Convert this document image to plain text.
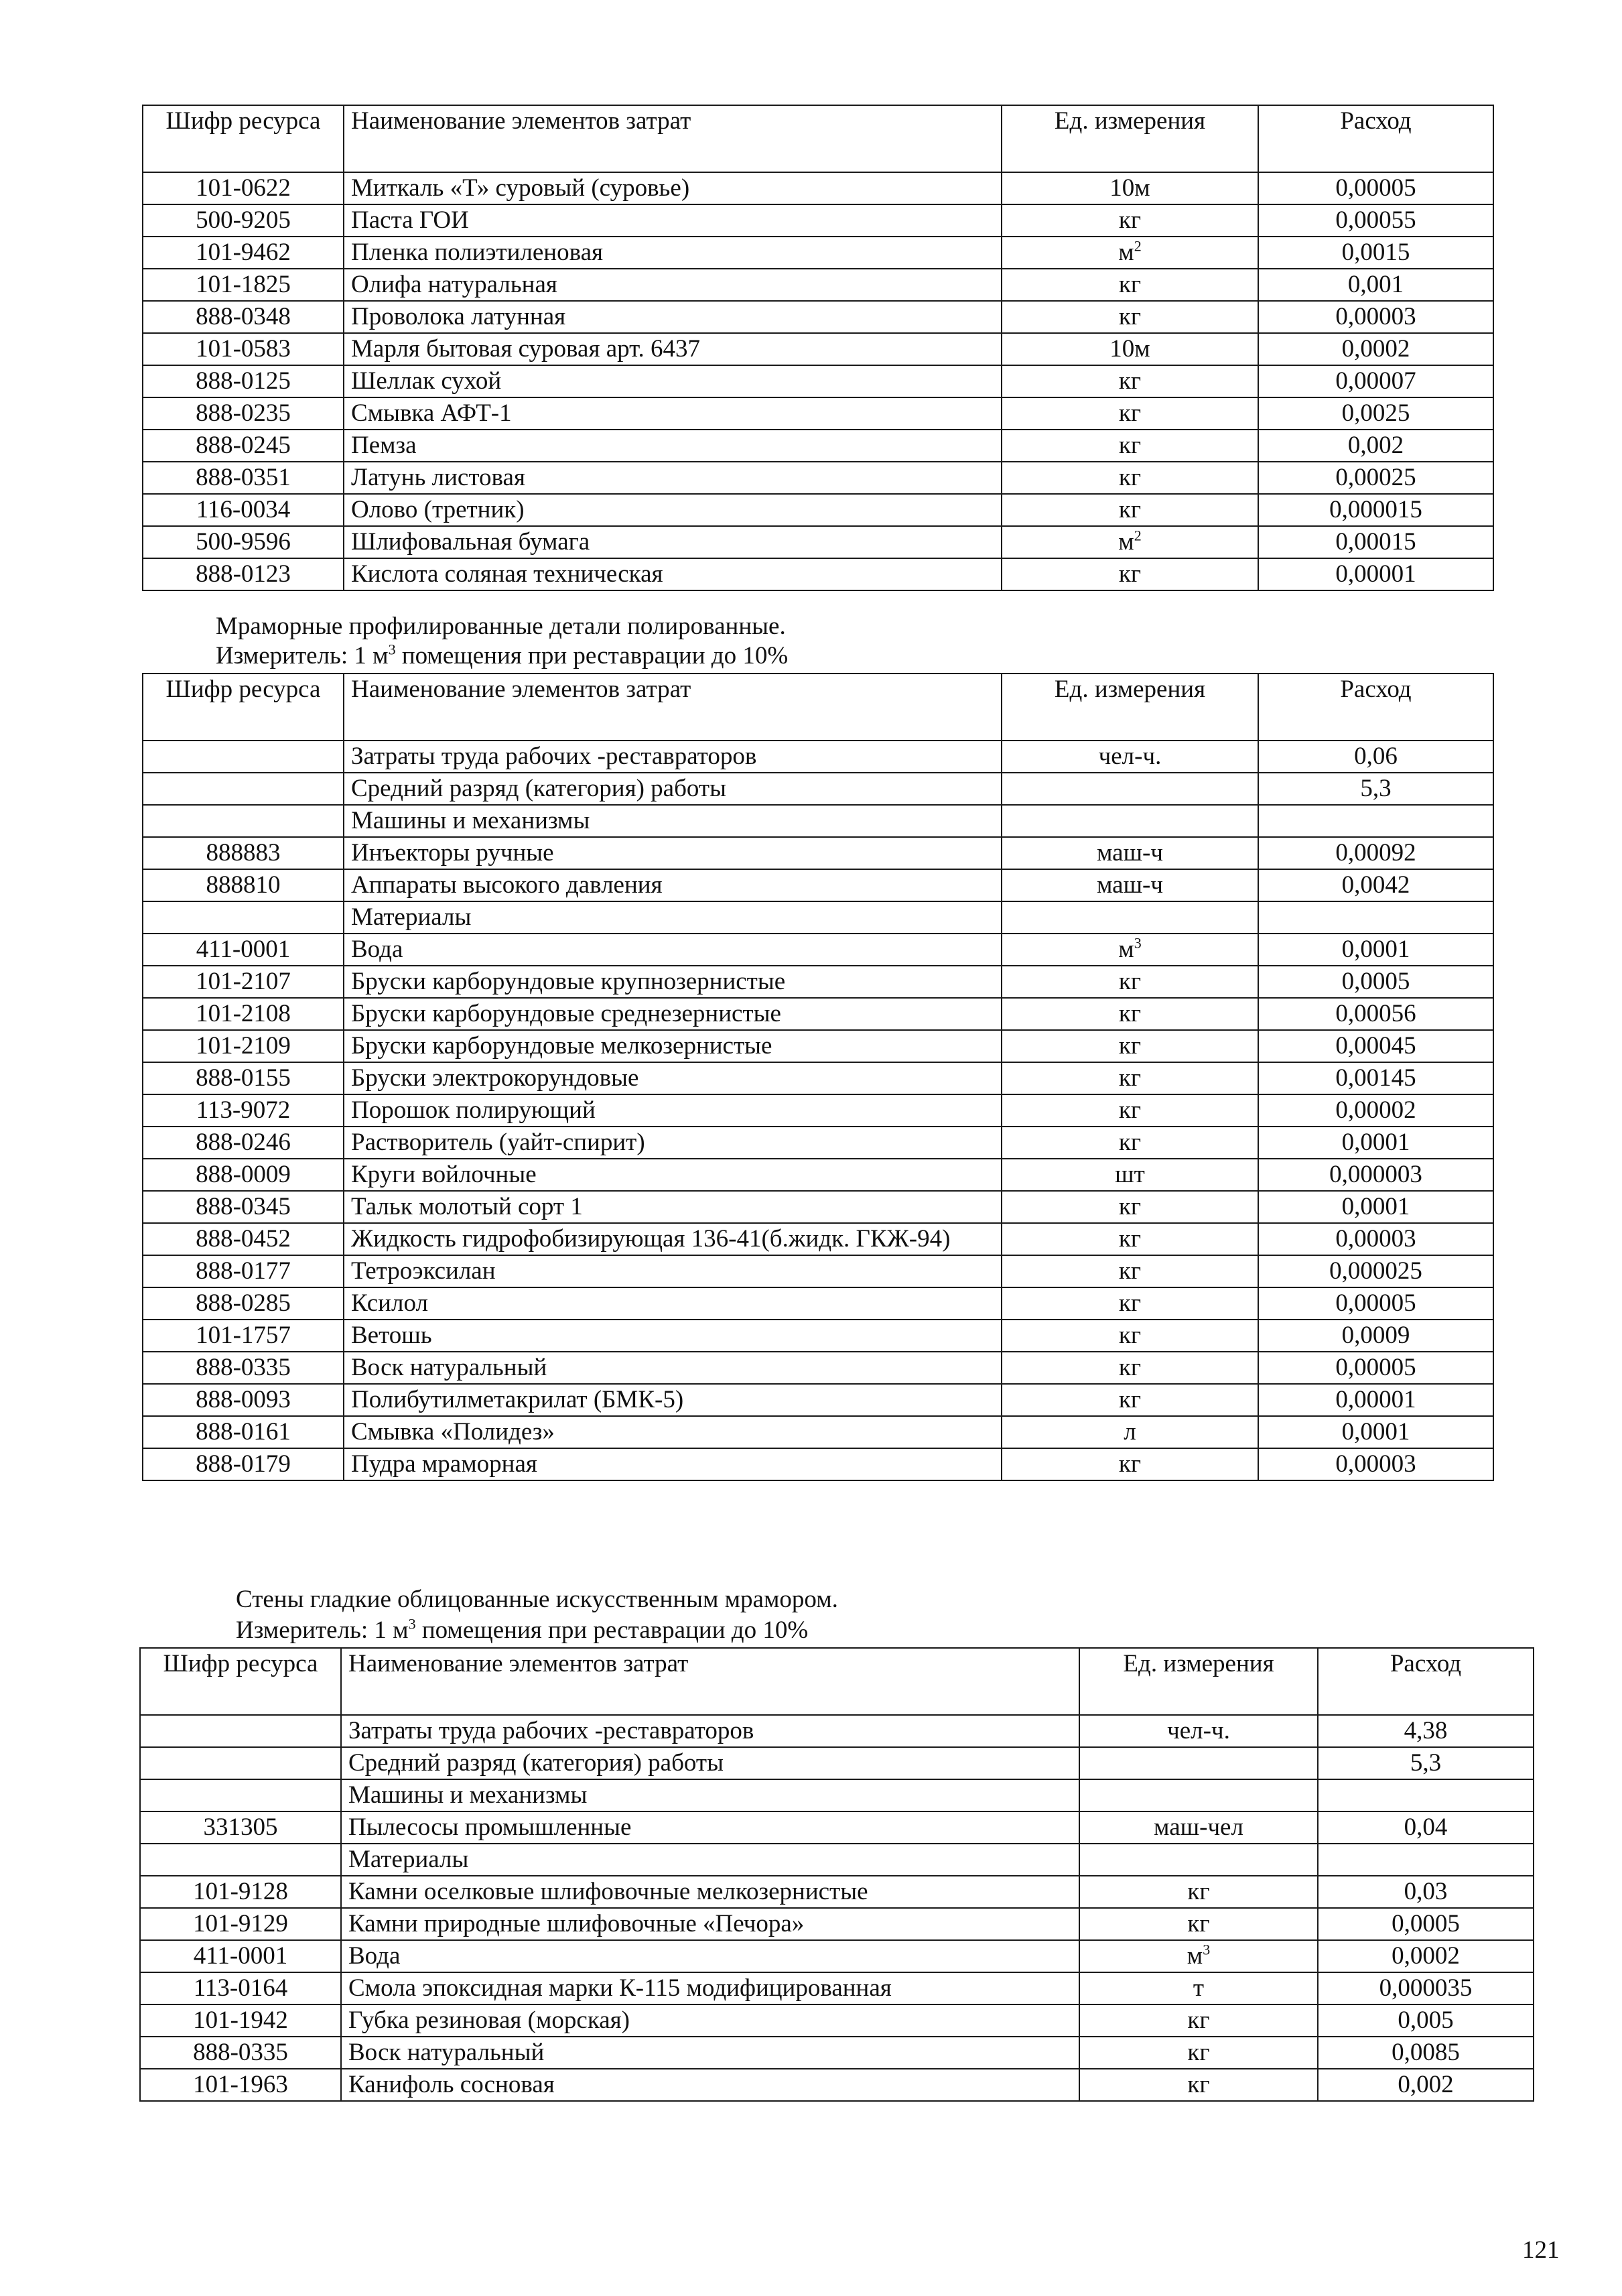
Шифр ресурса	Наименование элементов затрат	Ед. измерения	Расход
101-0622	Миткаль «Т» суровый (суровье)	10м	0,00005
500-9205	Паста ГОИ	кг	0,00055
101-9462	Пленка полиэтиленовая	$м^2$	0,0015
101-1825	Олифа натуральная	кг	0,001
888-0348	Проволока латунная	кг	0,00003
101-0583	Марля бытовая суровая арт. 6437	10м	0,0002
888-0125	Шеллак сухой	кг	0,00007
888-0235	Смывка АФТ-1	кг	0,0025
888-0245	Пемза	кг	0,002
888-0351	Латунь листовая	кг	0,00025
116-0034	Олово (третник)	кг	0,000015
500-9596	Шлифовальная бумага	$м^2$	0,00015
888-0123	Кислота соляная техническая	кг	0,00001
Мраморные профилированные детали полированные.
Измеритель: 1 $м^3$ помещения при реставрации до 10%
Шифр ресурса	Наименование элементов затрат	Ед. измерения	Расход
	Затраты труда рабочих -реставраторов	чел-ч.	0,06
	Средний разряд (категория) работы		5,3
	Машины и механизмы		
888883	Инъекторы ручные	маш-ч	0,00092
888810	Аппараты высокого давления	маш-ч	0,0042
	Материалы		
411-0001	Вода	$м^3$	0,0001
101-2107	Бруски карборундовые крупнозернистые	кг	0,0005
101-2108	Бруски карборундовые среднезернистые	кг	0,00056
101-2109	Бруски карборундовые мелкозернистые	кг	0,00045
888-0155	Бруски электрокорундовые	кг	0,00145
113-9072	Порошок полирующий	кг	0,00002
888-0246	Растворитель (уайт-спирит)	кг	0,0001
888-0009	Круги войлочные	шт	0,000003
888-0345	Тальк молотый сорт 1	кг	0,0001
888-0452	Жидкость гидрофобизирующая 136-41(б.жидк. ГКЖ-94)	кг	0,00003
888-0177	Тетроэксилан	кг	0,000025
888-0285	Ксилол	кг	0,00005
101-1757	Ветошь	кг	0,0009
888-0335	Воск натуральный	кг	0,00005
888-0093	Полибутилметакрилат (БМК-5)	кг	0,00001
888-0161	Смывка «Полидез»	л	0,0001
888-0179	Пудра мраморная	кг	0,00003
Стены гладкие облицованные искусственным мрамором.
Измеритель: 1 $м^3$ помещения при реставрации до 10%
Шифр ресурса	Наименование элементов затрат	Ед. измерения	Расход
	Затраты труда рабочих -реставраторов	чел-ч.	4,38
	Средний разряд (категория) работы		5,3
	Машины и механизмы		
331305	Пылесосы промышленные	маш-чел	0,04
	Материалы		
101-9128	Камни оселковые шлифовочные мелкозернистые	кг	0,03
101-9129	Камни природные шлифовочные «Печора»	кг	0,0005
411-0001	Вода	$м^3$	0,0002
113-0164	Смола эпоксидная марки К-115 модифицированная	т	0,000035
101-1942	Губка резиновая (морская)	кг	0,005
888-0335	Воск натуральный	кг	0,0085
101-1963	Канифоль сосновая	кг	0,002
121
